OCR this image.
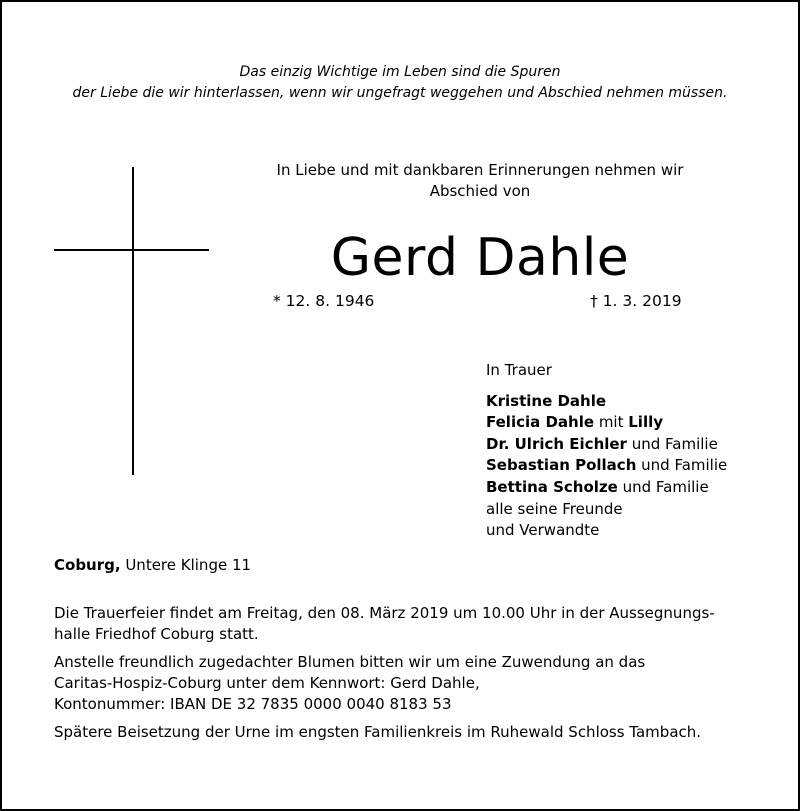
Das einzig Wichtige im Leben sind die Spuren
der Liebe die wir hinterlassen, wenn wir ungefragt weggehen und Abschied nehmen müssen.
In Liebe und mit dankbaren Erinnerungen nehmen wir
Abschied von
Gerd Dahle
* 12. 8. 1946	† 1. 3. 2019
In Trauer
Kristine Dahle
Felicia Dahle mit Lilly
Dr. Ulrich Eichler und Familie
Sebastian Pollach und Familie
Bettina Scholze und Familie
alle seine Freunde
und Verwandte
Coburg, Untere Klinge 11
Die Trauerfeier findet am Freitag, den 08. März 2019 um 10.00 Uhr in der Aussegnungs-
halle Friedhof Coburg statt.
Anstelle freundlich zugedachter Blumen bitten wir um eine Zuwendung an das
Caritas-Hospiz-Coburg unter dem Kennwort: Gerd Dahle,
Kontonummer: IBAN DE 32 7835 0000 0040 8183 53
Spätere Beisetzung der Urne im engsten Familienkreis im Ruhewald Schloss Tambach.
